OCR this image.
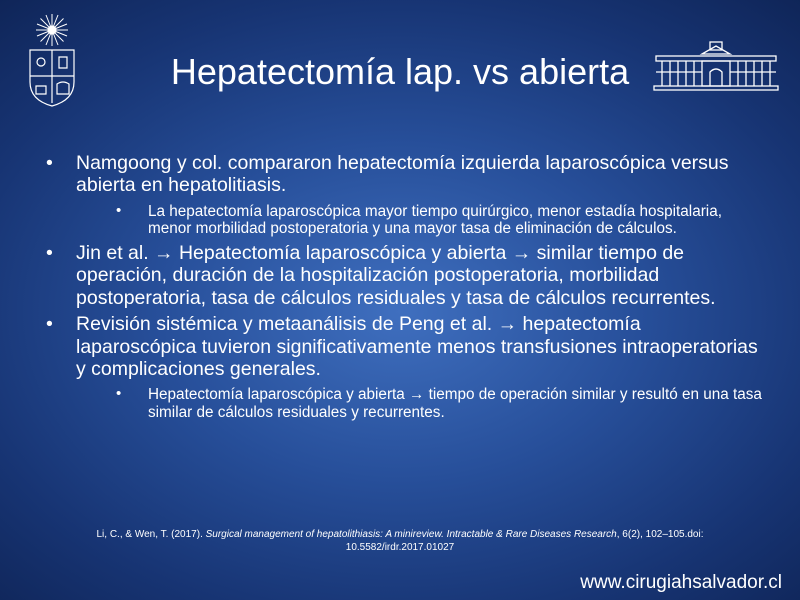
Hepatectomía lap. vs abierta
• Namgoong y col. compararon hepatectomía izquierda laparoscópica versus abierta en hepatolitiasis.
• La hepatectomía laparoscópica mayor tiempo quirúrgico, menor estadía hospitalaria, menor morbilidad postoperatoria y una mayor tasa de eliminación de cálculos.
• Jin et al. → Hepatectomía laparoscópica y abierta → similar tiempo de operación, duración de la hospitalización postoperatoria, morbilidad postoperatoria, tasa de cálculos residuales y tasa de cálculos recurrentes.
• Revisión sistémica y metaanálisis de Peng et al. → hepatectomía laparoscópica tuvieron significativamente menos transfusiones intraoperatorias y complicaciones generales.
• Hepatectomía laparoscópica y abierta → tiempo de operación similar y resultó en una tasa similar de cálculos residuales y recurrentes.
Li, C., & Wen, T. (2017). Surgical management of hepatolithiasis: A minireview. Intractable & Rare Diseases Research, 6(2), 102–105.doi: 10.5582/irdr.2017.01027
www.cirugiahsalvador.cl
